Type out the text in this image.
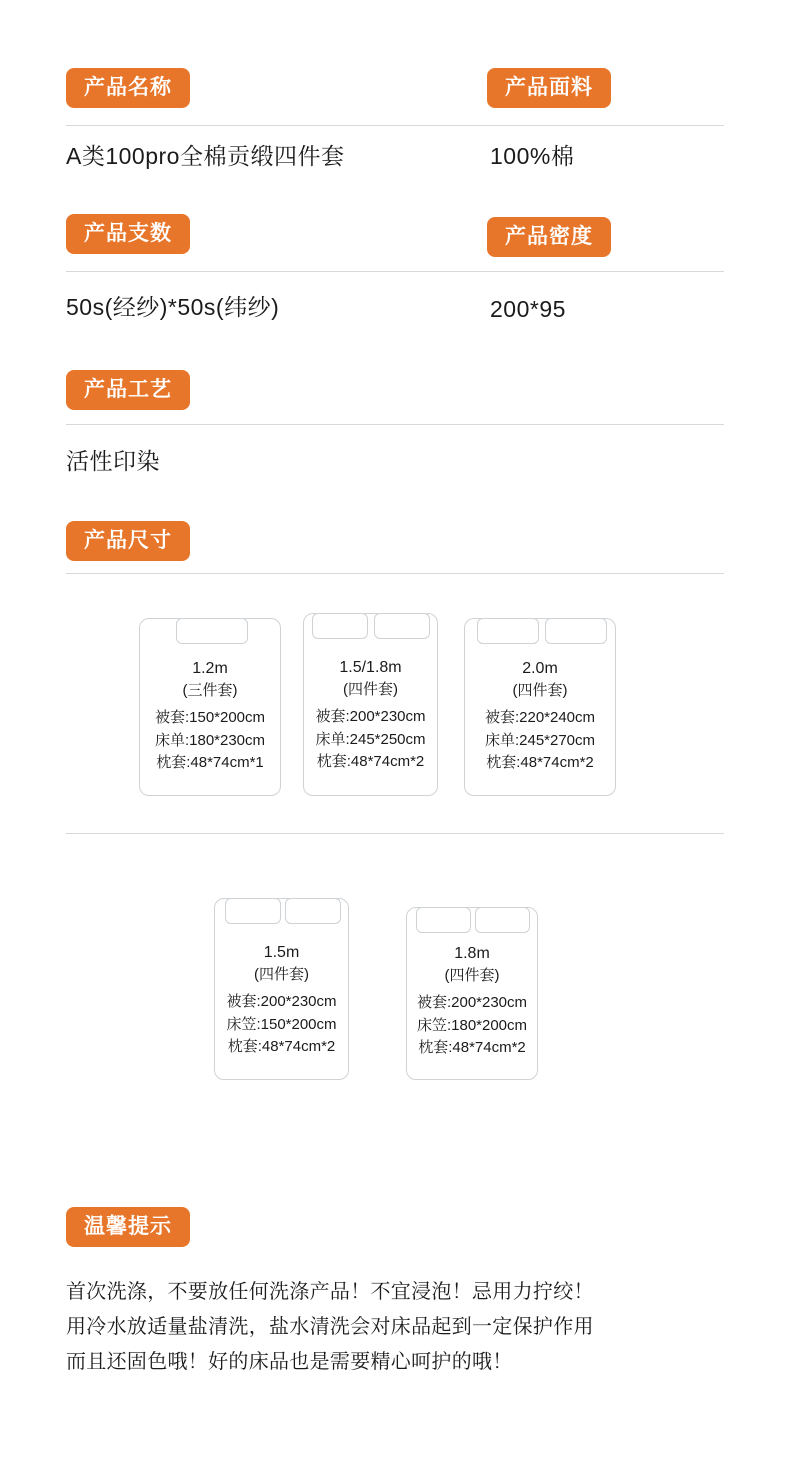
产品名称	产品面料
A类100pro全棉贡缎四件套	100%棉
产品支数	产品密度
50s(经纱)*50s(纬纱)	200*95
产品工艺
活性印染
产品尺寸
1.2m
(三件套)
被套:150*200cm
床单:180*230cm
枕套:48*74cm*1
1.5/1.8m
(四件套)
被套:200*230cm
床单:245*250cm
枕套:48*74cm*2
2.0m
(四件套)
被套:220*240cm
床单:245*270cm
枕套:48*74cm*2
1.5m
(四件套)
被套:200*230cm
床笠:150*200cm
枕套:48*74cm*2
1.8m
(四件套)
被套:200*230cm
床笠:180*200cm
枕套:48*74cm*2
温馨提示
首次洗涤，不要放任何洗涤产品！不宜浸泡！忌用力拧绞！
用冷水放适量盐清洗，盐水清洗会对床品起到一定保护作用
而且还固色哦！好的床品也是需要精心呵护的哦！
